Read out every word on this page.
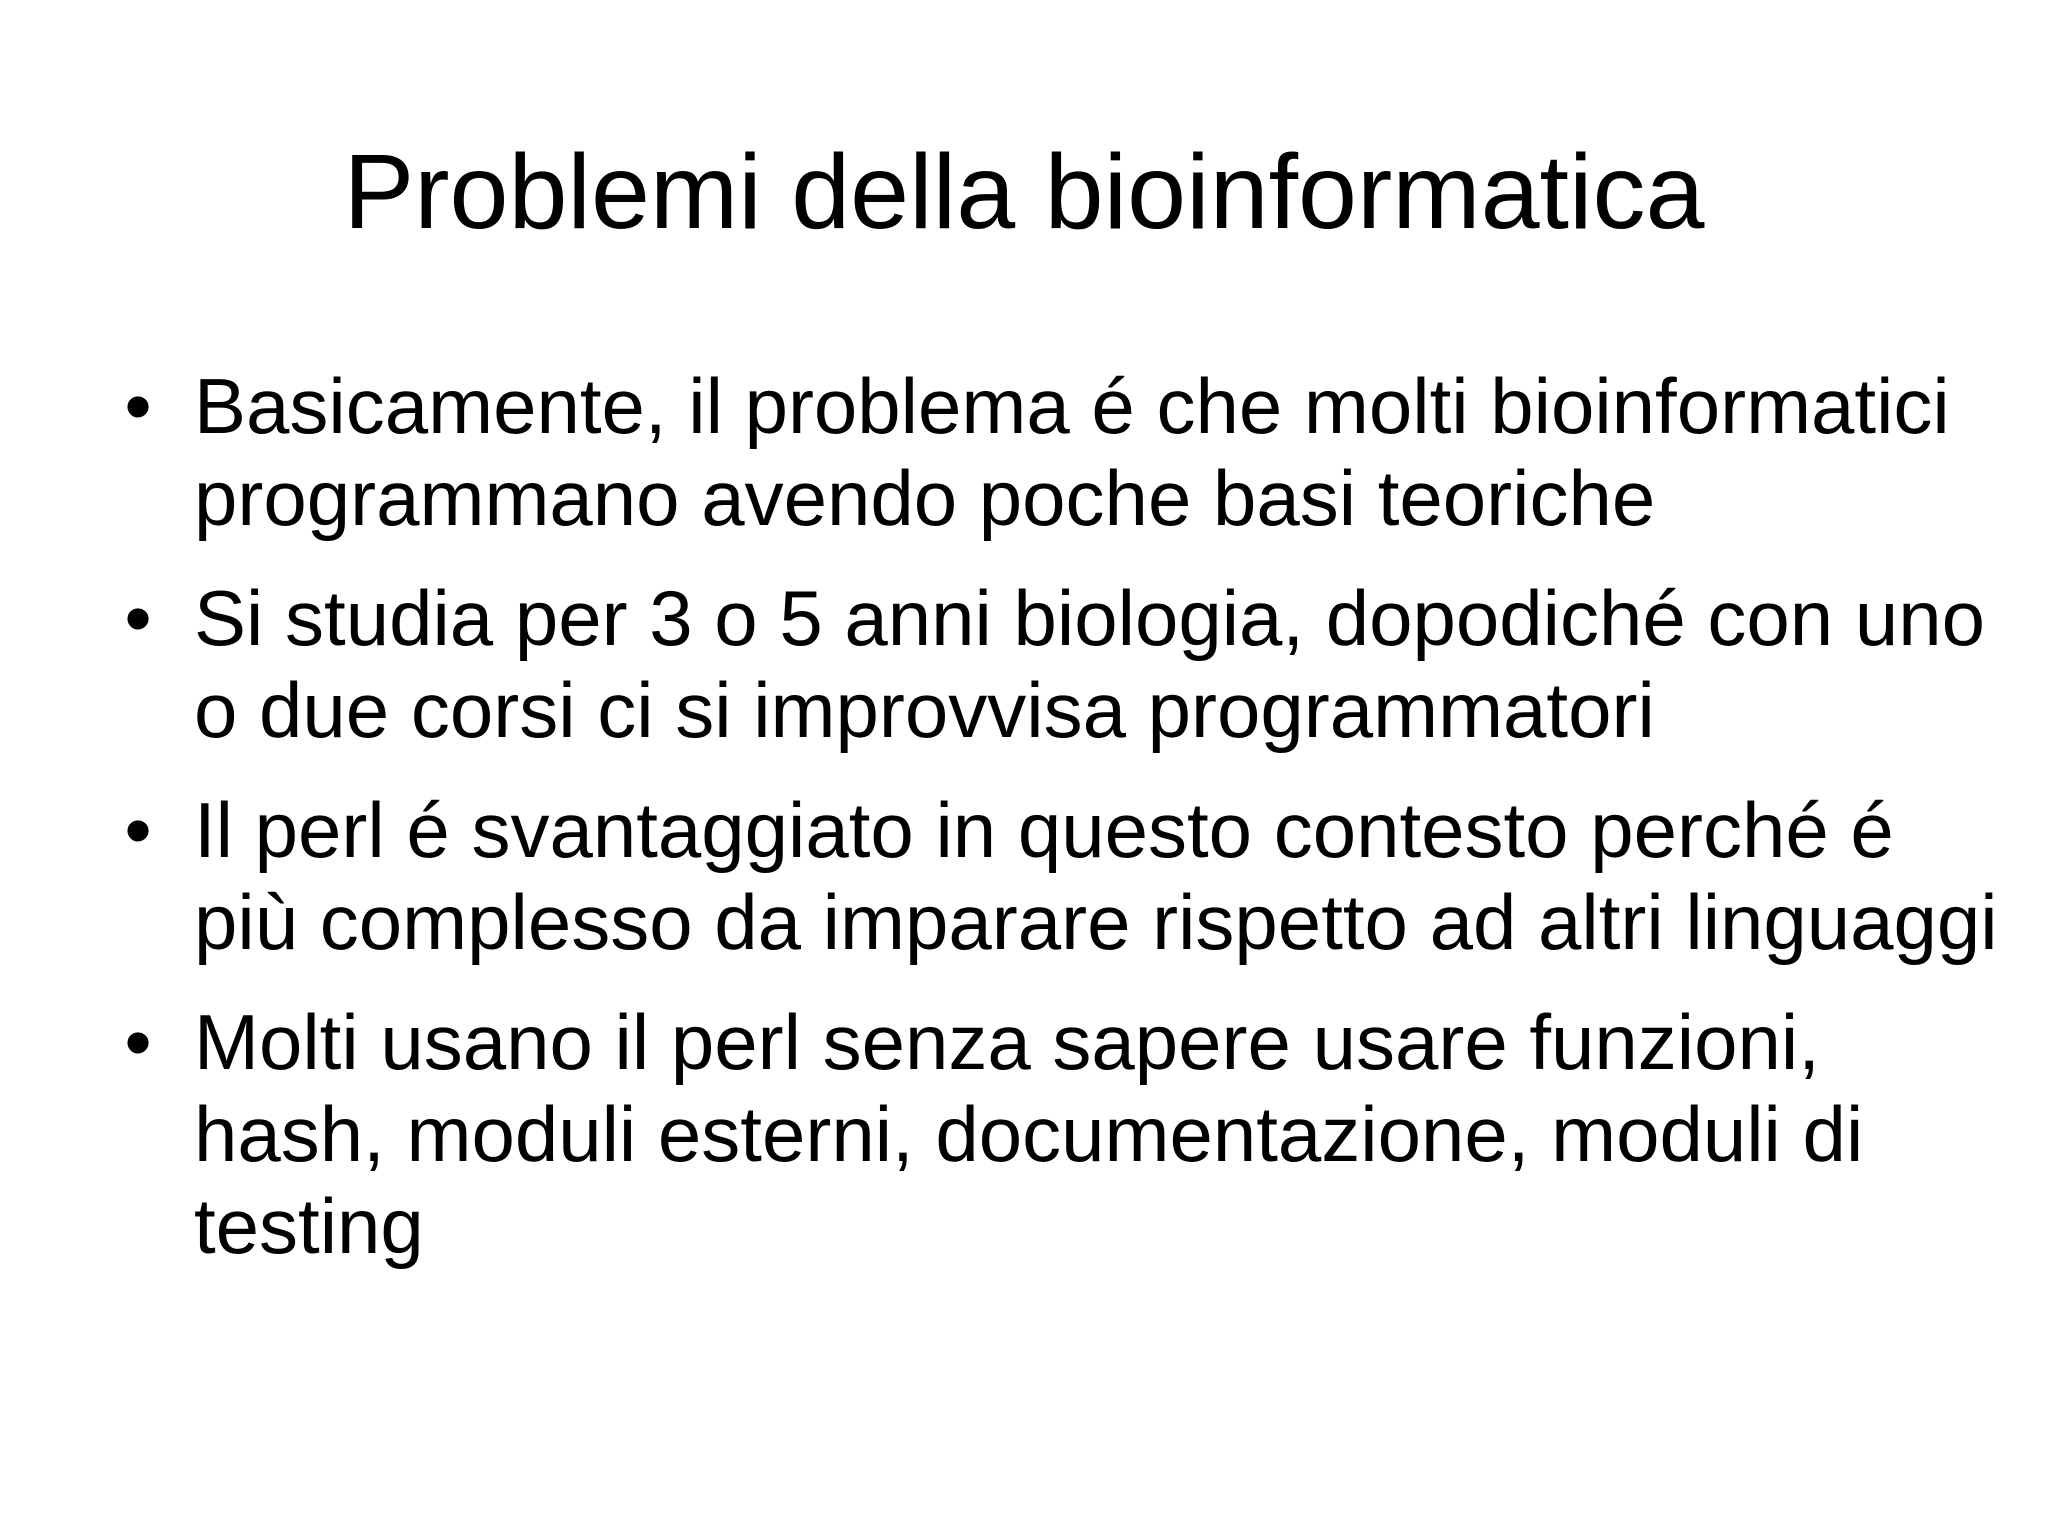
Problemi della bioinformatica
• Basicamente, il problema é che molti bioinformatici programmano avendo poche basi teoriche
• Si studia per 3 o 5 anni biologia, dopodiché con uno o due corsi ci si improvvisa programmatori
• Il perl é svantaggiato in questo contesto perché é più complesso da imparare rispetto ad altri linguaggi
• Molti usano il perl senza sapere usare funzioni, hash, moduli esterni, documentazione, moduli di testing
